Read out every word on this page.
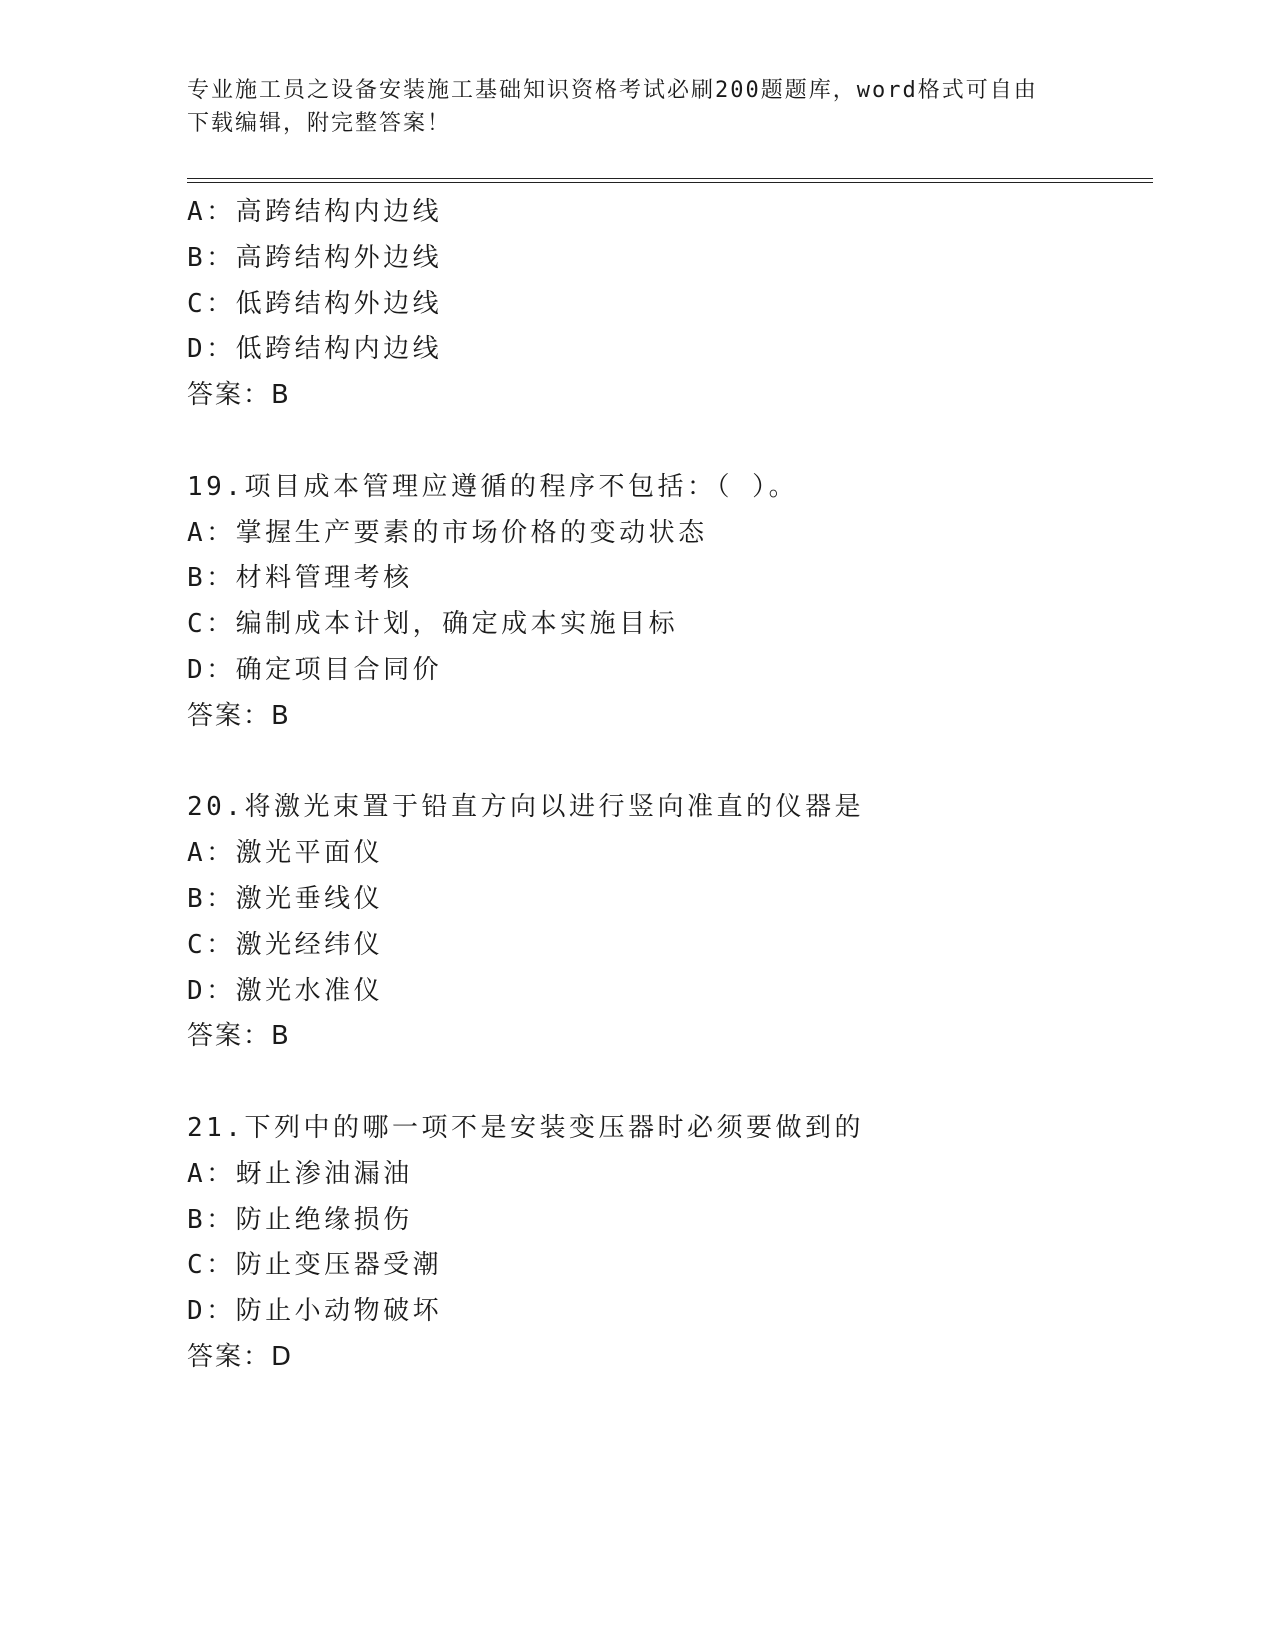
专业施工员之设备安装施工基础知识资格考试必刷200题题库，word格式可自由
下载编辑，附完整答案！
A：高跨结构内边线
B：高跨结构外边线
C：低跨结构外边线
D：低跨结构内边线
答案：B
19.项目成本管理应遵循的程序不包括：（ ）。
A：掌握生产要素的市场价格的变动状态
B：材料管理考核
C：编制成本计划，确定成本实施目标
D：确定项目合同价
答案：B
20.将激光束置于铅直方向以进行竖向准直的仪器是
A：激光平面仪
B：激光垂线仪
C：激光经纬仪
D：激光水准仪
答案：B
21.下列中的哪一项不是安装变压器时必须要做到的
A：蚜止渗油漏油
B：防止绝缘损伤
C：防止变压器受潮
D：防止小动物破坏
答案：D
